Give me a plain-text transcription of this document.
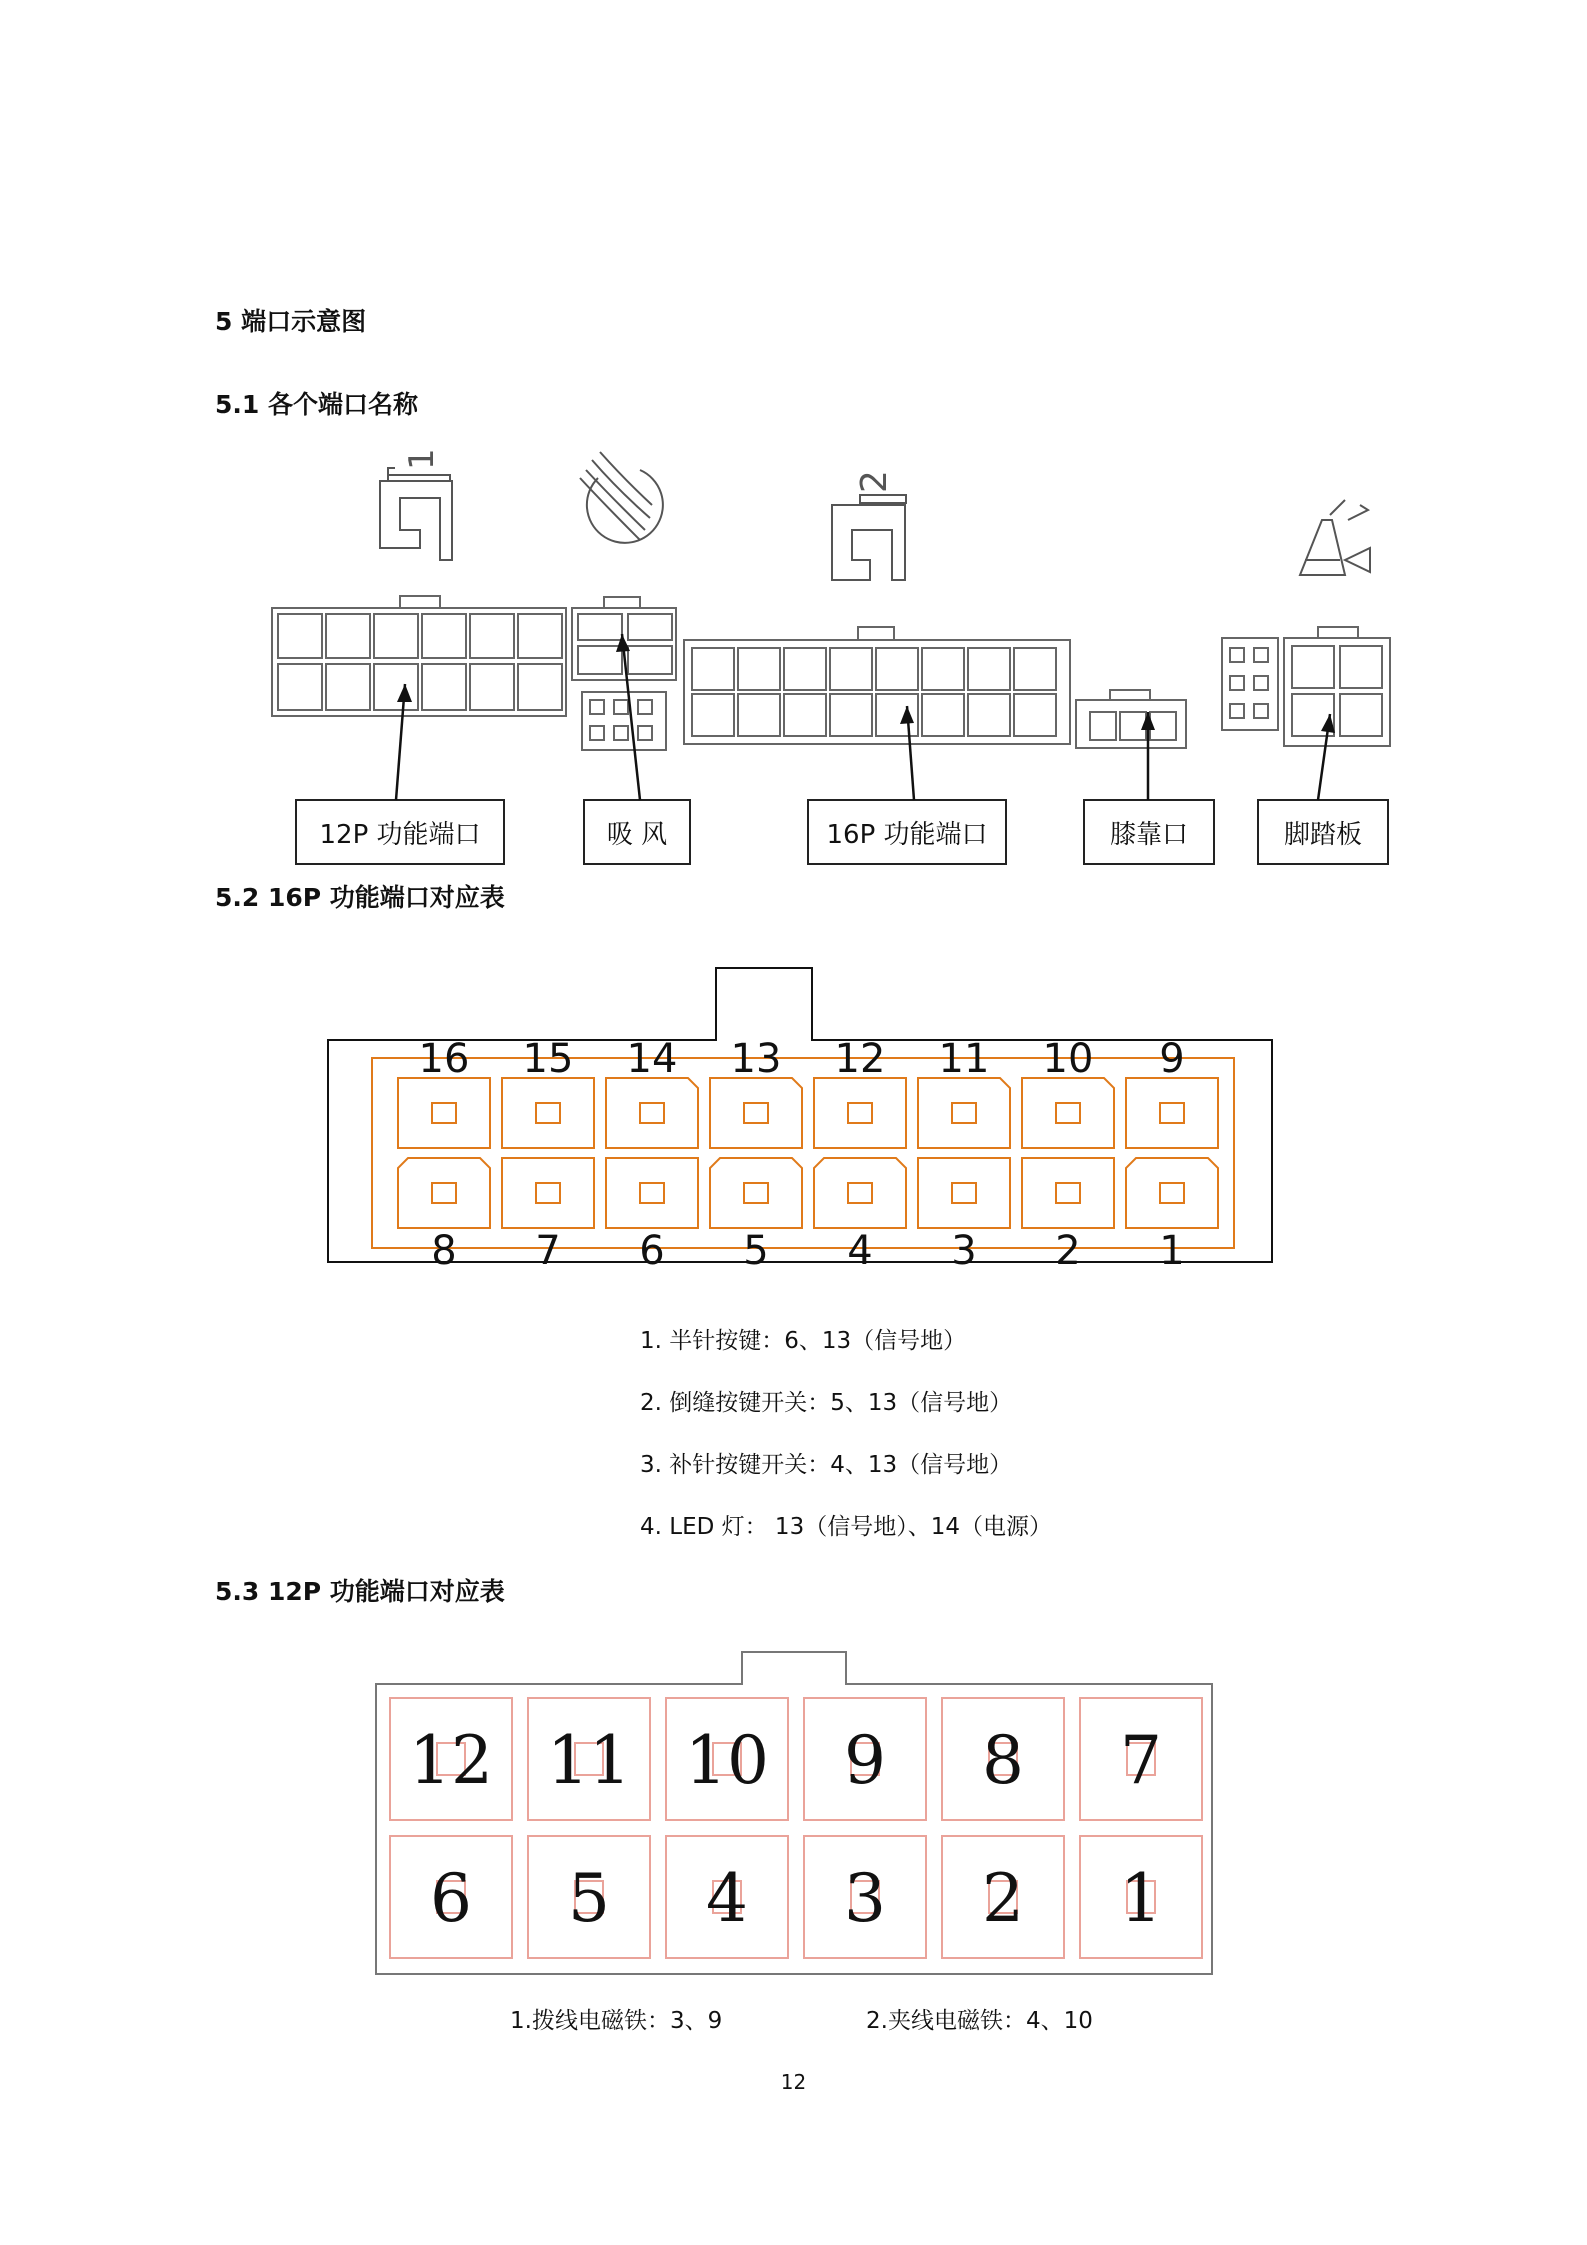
5 端口示意图
5.1 各个端口名称
5.2 16P 功能端口对应表
5.3 12P 功能端口对应表
1
2
12P 功能端口	吸 风	16P 功能端口	膝靠口	脚踏板
16 15 14 13 12 11 10 9
8 7 6 5 4 3 2 1
1. 半针按键：6、13（信号地）
2. 倒缝按键开关：5、13（信号地）
3. 补针按键开关：4、13（信号地）
4. LED 灯： 13（信号地）、14（电源）
12 11 10 9 8 7
6 5 4 3 2 1
1.拨线电磁铁：3、9	2.夹线电磁铁：4、10
12
